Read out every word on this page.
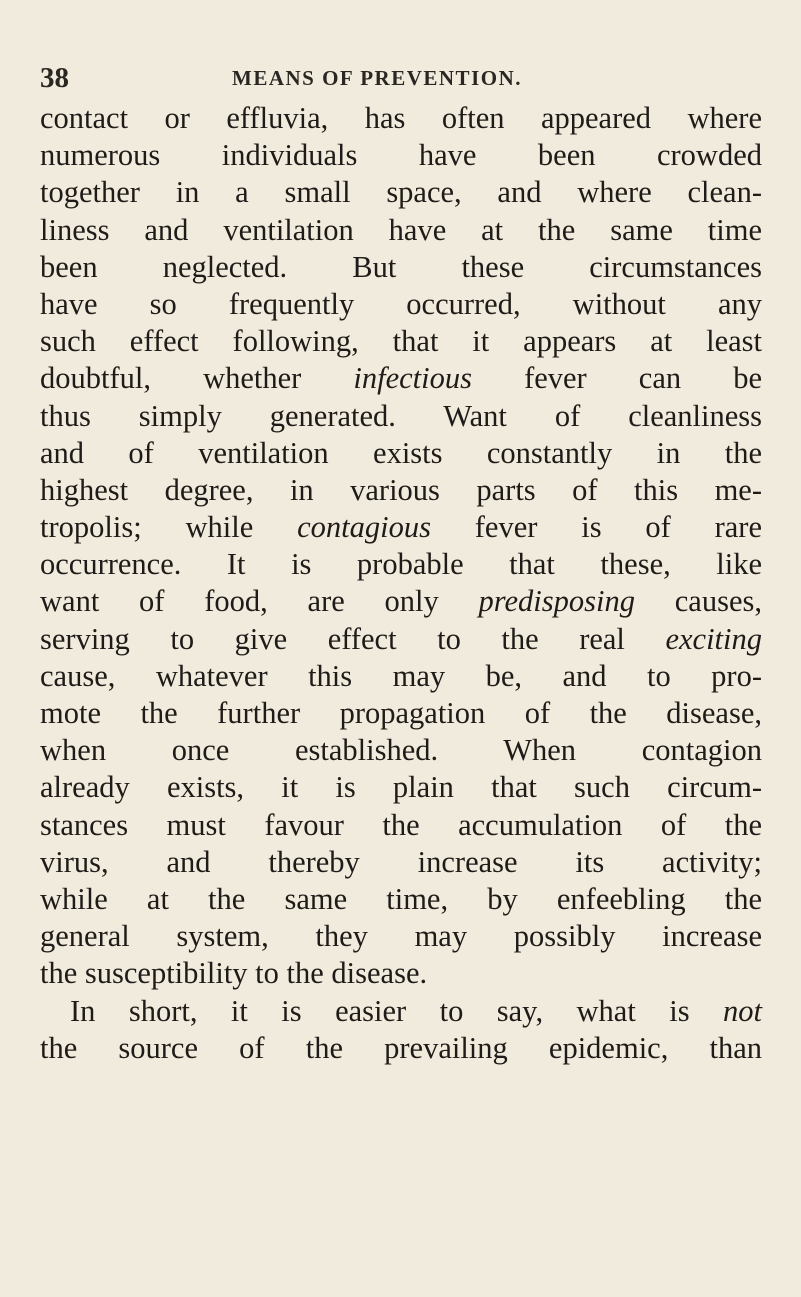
38	MEANS OF PREVENTION.
contact or effluvia, has often appeared where
numerous individuals have been crowded
together in a small space, and where clean-
liness and ventilation have at the same time
been neglected. But these circumstances
have so frequently occurred, without any
such effect following, that it appears at least
doubtful, whether infectious fever can be
thus simply generated. Want of cleanliness
and of ventilation exists constantly in the
highest degree, in various parts of this me-
tropolis; while contagious fever is of rare
occurrence. It is probable that these, like
want of food, are only predisposing causes,
serving to give effect to the real exciting
cause, whatever this may be, and to pro-
mote the further propagation of the disease,
when once established. When contagion
already exists, it is plain that such circum-
stances must favour the accumulation of the
virus, and thereby increase its activity;
while at the same time, by enfeebling the
general system, they may possibly increase
the susceptibility to the disease.
In short, it is easier to say, what is not
the source of the prevailing epidemic, than
